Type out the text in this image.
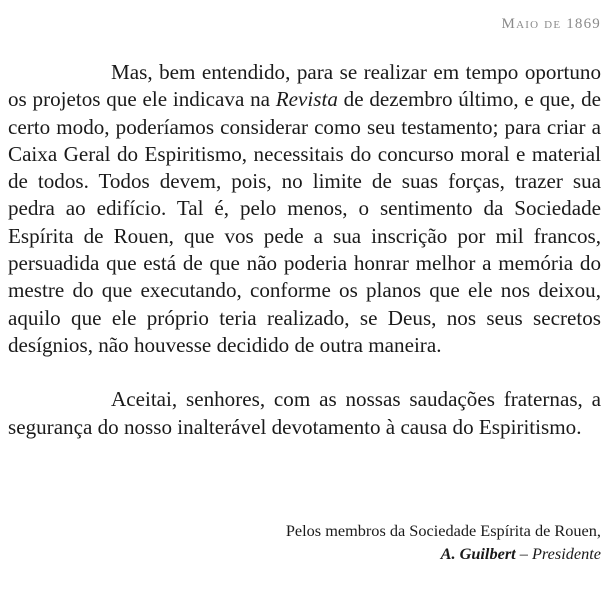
Maio de 1869

Mas, bem entendido, para se realizar em tempo oportuno os projetos que ele indicava na Revista de dezembro último, e que, de certo modo, poderíamos considerar como seu testamento; para criar a Caixa Geral do Espiritismo, necessitais do concurso moral e material de todos. Todos devem, pois, no limite de suas forças, trazer sua pedra ao edifício. Tal é, pelo menos, o sentimento da Sociedade Espírita de Rouen, que vos pede a sua inscrição por mil francos, persuadida que está de que não poderia honrar melhor a memória do mestre do que executando, conforme os planos que ele nos deixou, aquilo que ele próprio teria realizado, se Deus, nos seus secretos desígnios, não houvesse decidido de outra maneira.

Aceitai, senhores, com as nossas saudações fraternas, a segurança do nosso inalterável devotamento à causa do Espiritismo.

Pelos membros da Sociedade Espírita de Rouen,
A. Guilbert – Presidente
